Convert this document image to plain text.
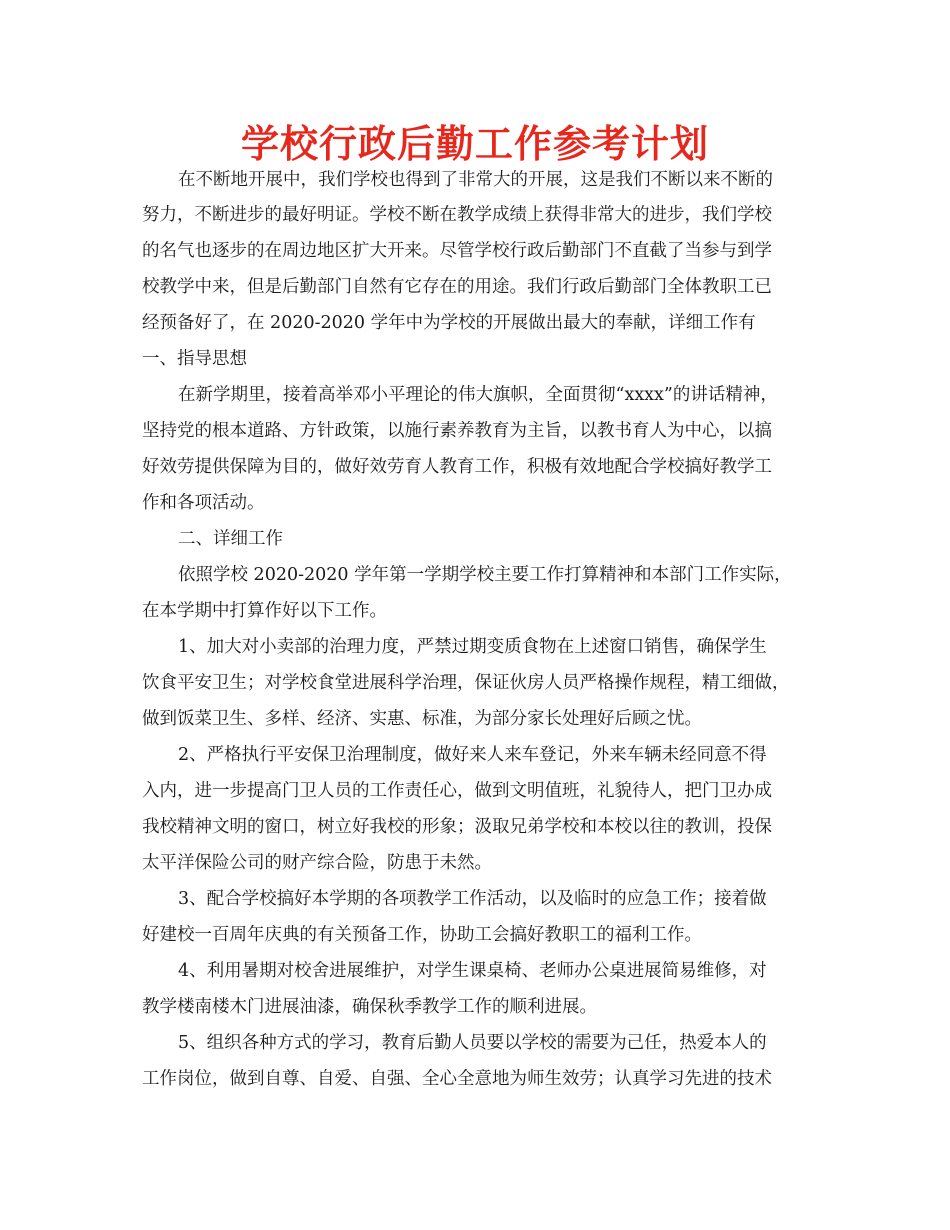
学校行政后勤工作参考计划
在不断地开展中，我们学校也得到了非常大的开展，这是我们不断以来不断的
努力，不断进步的最好明证。学校不断在教学成绩上获得非常大的进步，我们学校
的名气也逐步的在周边地区扩大开来。尽管学校行政后勤部门不直截了当参与到学
校教学中来，但是后勤部门自然有它存在的用途。我们行政后勤部门全体教职工已
经预备好了，在 2020-2020 学年中为学校的开展做出最大的奉献，详细工作有
一、指导思想
在新学期里，接着高举邓小平理论的伟大旗帜，全面贯彻“xxxx”的讲话精神，
坚持党的根本道路、方针政策，以施行素养教育为主旨，以教书育人为中心，以搞
好效劳提供保障为目的，做好效劳育人教育工作，积极有效地配合学校搞好教学工
作和各项活动。
二、详细工作
依照学校 2020-2020 学年第一学期学校主要工作打算精神和本部门工作实际，
在本学期中打算作好以下工作。
1、加大对小卖部的治理力度，严禁过期变质食物在上述窗口销售，确保学生
饮食平安卫生；对学校食堂进展科学治理，保证伙房人员严格操作规程，精工细做，
做到饭菜卫生、多样、经济、实惠、标准，为部分家长处理好后顾之忧。
2、严格执行平安保卫治理制度，做好来人来车登记，外来车辆未经同意不得
入内，进一步提高门卫人员的工作责任心，做到文明值班，礼貌待人，把门卫办成
我校精神文明的窗口，树立好我校的形象；汲取兄弟学校和本校以往的教训，投保
太平洋保险公司的财产综合险，防患于未然。
3、配合学校搞好本学期的各项教学工作活动，以及临时的应急工作；接着做
好建校一百周年庆典的有关预备工作，协助工会搞好教职工的福利工作。
4、利用暑期对校舍进展维护，对学生课桌椅、老师办公桌进展简易维修，对
教学楼南楼木门进展油漆，确保秋季教学工作的顺利进展。
5、组织各种方式的学习，教育后勤人员要以学校的需要为己任，热爱本人的
工作岗位，做到自尊、自爱、自强、全心全意地为师生效劳；认真学习先进的技术
